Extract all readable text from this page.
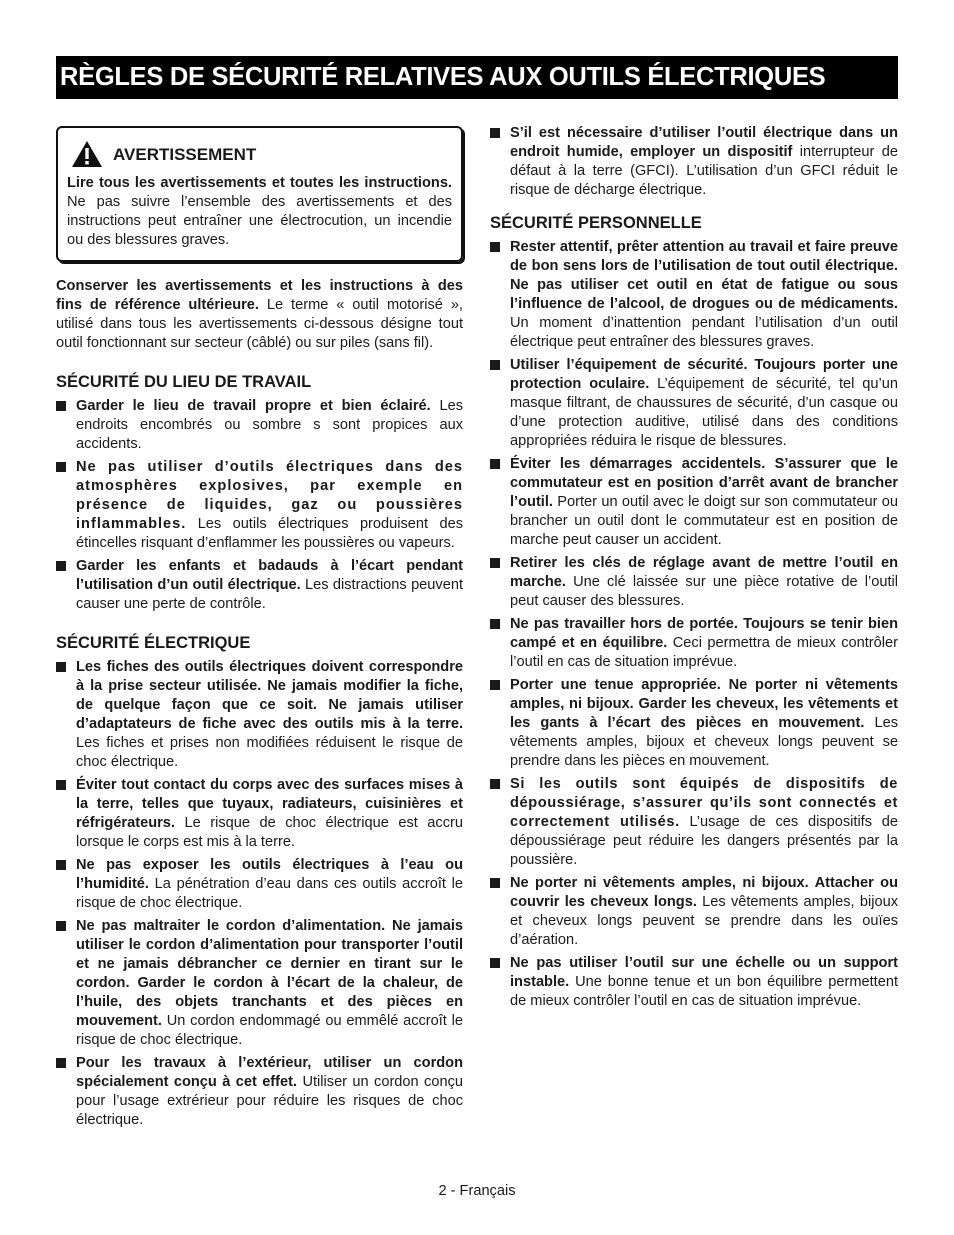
RÈGLES DE SÉCURITÉ RELATIVES AUX OUTILS ÉLECTRIQUES
AVERTISSEMENT

Lire tous les avertissements et toutes les instructions. Ne pas suivre l’ensemble des avertissements et des instructions peut entraîner une électrocution, un incendie ou des blessures graves.

Conserver les avertissements et les instructions à des fins de référence ultérieure. Le terme « outil motorisé », utilisé dans tous les avertissements ci-dessous désigne tout outil fonctionnant sur secteur (câblé) ou sur piles (sans fil).

SÉCURITÉ DU LIEU DE TRAVAIL
Garder le lieu de travail propre et bien éclairé. Les endroits encombrés ou sombre s sont propices aux accidents.
Ne pas utiliser d’outils électriques dans des atmosphères explosives, par exemple en présence de liquides, gaz ou poussières inflammables. Les outils électriques produisent des étincelles risquant d’enflammer les poussières ou vapeurs.
Garder les enfants et badauds à l’écart pendant l’utilisation d’un outil électrique. Les distractions peuvent causer une perte de contrôle.
SÉCURITÉ ÉLECTRIQUE
Les fiches des outils électriques doivent correspondre à la prise secteur utilisée. Ne jamais modifier la fiche, de quelque façon que ce soit. Ne jamais utiliser d’adaptateurs de fiche avec des outils mis à la terre. Les fiches et prises non modifiées réduisent le risque de choc électrique.
Éviter tout contact du corps avec des surfaces mises à la terre, telles que tuyaux, radiateurs, cuisinières et réfrigérateurs. Le risque de choc électrique est accru lorsque le corps est mis à la terre.
Ne pas exposer les outils électriques à l’eau ou l’humidité. La pénétration d’eau dans ces outils accroît le risque de choc électrique.
Ne pas maltraiter le cordon d’alimentation. Ne jamais utiliser le cordon d’alimentation pour transporter l’outil et ne jamais débrancher ce dernier en tirant sur le cordon. Garder le cordon à l’écart de la chaleur, de l’huile, des objets tranchants et des pièces en mouvement. Un cordon endommagé ou emmêlé accroît le risque de choc électrique.
Pour les travaux à l’extérieur, utiliser un cordon spécialement conçu à cet effet. Utiliser un cordon conçu pour l’usage extrérieur pour réduire les risques de choc électrique.
S’il est nécessaire d’utiliser l’outil électrique dans un endroit humide, employer un dispositif interrupteur de défaut à la terre (GFCI). L’utilisation d’un GFCI réduit le risque de décharge électrique.
SÉCURITÉ PERSONNELLE
Rester attentif, prêter attention au travail et faire preuve de bon sens lors de l’utilisation de tout outil électrique. Ne pas utiliser cet outil en état de fatigue ou sous l’influence de l’alcool, de drogues ou de médicaments. Un moment d’inattention pendant l’utilisation d’un outil électrique peut entraîner des blessures graves.
Utiliser l’équipement de sécurité. Toujours porter une protection oculaire. L’équipement de sécurité, tel qu’un masque filtrant, de chaussures de sécurité, d’un casque ou d’une protection auditive, utilisé dans des conditions appropriées réduira le risque de blessures.
Éviter les démarrages accidentels. S’assurer que le commutateur est en position d’arrêt avant de brancher l’outil. Porter un outil avec le doigt sur son commutateur ou brancher un outil dont le commutateur est en position de marche peut causer un accident.
Retirer les clés de réglage avant de mettre l’outil en marche. Une clé laissée sur une pièce rotative de l’outil peut causer des blessures.
Ne pas travailler hors de portée. Toujours se tenir bien campé et en équilibre. Ceci permettra de mieux contrôler l’outil en cas de situation imprévue.
Porter une tenue appropriée. Ne porter ni vêtements amples, ni bijoux. Garder les cheveux, les vêtements et les gants à l’écart des pièces en mouvement. Les vêtements amples, bijoux et cheveux longs peuvent se prendre dans les pièces en mouvement.
Si les outils sont équipés de dispositifs de dépoussiérage, s’assurer qu’ils sont connectés et correctement utilisés. L’usage de ces dispositifs de dépoussiérage peut réduire les dangers présentés par la poussière.
Ne porter ni vêtements amples, ni bijoux. Attacher ou couvrir les cheveux longs. Les vêtements amples, bijoux et cheveux longs peuvent se prendre dans les ouïes d’aération.
Ne pas utiliser l’outil sur une échelle ou un support instable. Une bonne tenue et un bon équilibre permettent de mieux contrôler l’outil en cas de situation imprévue.
2 - Français
